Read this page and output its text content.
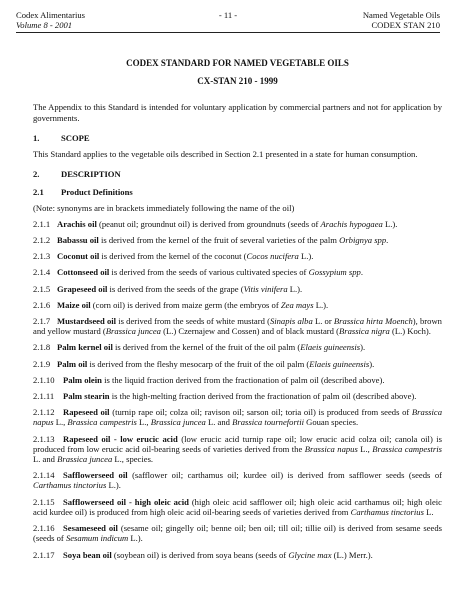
Codex Alimentarius	- 11 -	Named Vegetable Oils
Volume 8 - 2001	CODEX STAN 210
CODEX STANDARD FOR NAMED VEGETABLE OILS
CX-STAN 210 - 1999
The Appendix to this Standard is intended for voluntary application by commercial partners and not for application by governments.
1.	SCOPE
This Standard applies to the vegetable oils described in Section 2.1 presented in a state for human consumption.
2.	DESCRIPTION
2.1	Product Definitions
(Note: synonyms are in brackets immediately following the name of the oil)
2.1.1 Arachis oil (peanut oil; groundnut oil) is derived from groundnuts (seeds of Arachis hypogaea L.).
2.1.2 Babassu oil is derived from the kernel of the fruit of several varieties of the palm Orbignya spp.
2.1.3 Coconut oil is derived from the kernel of the coconut (Cocos nucifera L.).
2.1.4 Cottonseed oil is derived from the seeds of various cultivated species of Gossypium spp.
2.1.5 Grapeseed oil is derived from the seeds of the grape (Vitis vinifera L.).
2.1.6 Maize oil (corn oil) is derived from maize germ (the embryos of Zea mays L.).
2.1.7 Mustardseed oil is derived from the seeds of white mustard (Sinapis alba L. or Brassica hirta Moench), brown and yellow mustard (Brassica juncea (L.) Czernajew and Cossen) and of black mustard (Brassica nigra (L.) Koch).
2.1.8 Palm kernel oil is derived from the kernel of the fruit of the oil palm (Elaeis guineensis).
2.1.9 Palm oil is derived from the fleshy mesocarp of the fruit of the oil palm (Elaeis guineensis).
2.1.10 Palm olein is the liquid fraction derived from the fractionation of palm oil (described above).
2.1.11 Palm stearin is the high-melting fraction derived from the fractionation of palm oil (described above).
2.1.12 Rapeseed oil (turnip rape oil; colza oil; ravison oil; sarson oil; toria oil) is produced from seeds of Brassica napus L., Brassica campestris L., Brassica juncea L. and Brassica tournefortii Gouan species.
2.1.13 Rapeseed oil - low erucic acid (low erucic acid turnip rape oil; low erucic acid colza oil; canola oil) is produced from low erucic acid oil-bearing seeds of varieties derived from the Brassica napus L., Brassica campestris L. and Brassica juncea L., species.
2.1.14 Safflowerseed oil (safflower oil; carthamus oil; kurdee oil) is derived from safflower seeds (seeds of Carthamus tinctorius L.).
2.1.15 Safflowerseed oil - high oleic acid (high oleic acid safflower oil; high oleic acid carthamus oil; high oleic acid kurdee oil) is produced from high oleic acid oil-bearing seeds of varieties derived from Carthamus tinctorius L.
2.1.16 Sesameseed oil (sesame oil; gingelly oil; benne oil; ben oil; till oil; tillie oil) is derived from sesame seeds (seeds of Sesamum indicum L.).
2.1.17 Soya bean oil (soybean oil) is derived from soya beans (seeds of Glycine max (L.) Merr.).
